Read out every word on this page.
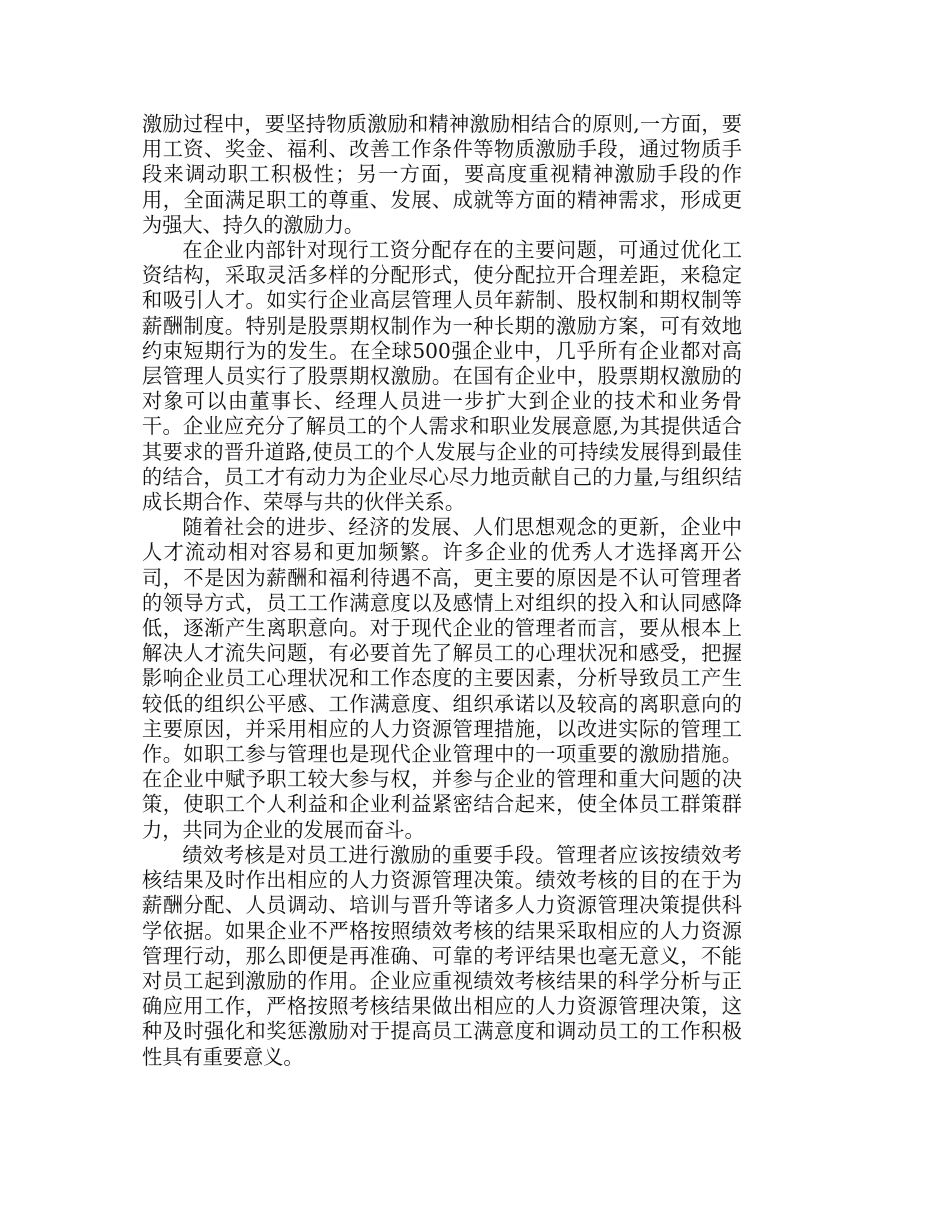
激励过程中，要坚持物质激励和精神激励相结合的原则,一方面，要用工资、奖金、福利、改善工作条件等物质激励手段，通过物质手段来调动职工积极性；另一方面，要高度重视精神激励手段的作用，全面满足职工的尊重、发展、成就等方面的精神需求，形成更为强大、持久的激励力。

在企业内部针对现行工资分配存在的主要问题，可通过优化工资结构，采取灵活多样的分配形式，使分配拉开合理差距，来稳定和吸引人才。如实行企业高层管理人员年薪制、股权制和期权制等薪酬制度。特别是股票期权制作为一种长期的激励方案，可有效地约束短期行为的发生。在全球500强企业中，几乎所有企业都对高层管理人员实行了股票期权激励。在国有企业中，股票期权激励的对象可以由董事长、经理人员进一步扩大到企业的技术和业务骨干。企业应充分了解员工的个人需求和职业发展意愿,为其提供适合其要求的晋升道路,使员工的个人发展与企业的可持续发展得到最佳的结合，员工才有动力为企业尽心尽力地贡献自己的力量,与组织结成长期合作、荣辱与共的伙伴关系。

随着社会的进步、经济的发展、人们思想观念的更新，企业中人才流动相对容易和更加频繁。许多企业的优秀人才选择离开公司，不是因为薪酬和福利待遇不高，更主要的原因是不认可管理者的领导方式，员工工作满意度以及感情上对组织的投入和认同感降低，逐渐产生离职意向。对于现代企业的管理者而言，要从根本上解决人才流失问题，有必要首先了解员工的心理状况和感受，把握影响企业员工心理状况和工作态度的主要因素，分析导致员工产生较低的组织公平感、工作满意度、组织承诺以及较高的离职意向的主要原因，并采用相应的人力资源管理措施，以改进实际的管理工作。如职工参与管理也是现代企业管理中的一项重要的激励措施。在企业中赋予职工较大参与权，并参与企业的管理和重大问题的决策，使职工个人利益和企业利益紧密结合起来，使全体员工群策群力，共同为企业的发展而奋斗。

绩效考核是对员工进行激励的重要手段。管理者应该按绩效考核结果及时作出相应的人力资源管理决策。绩效考核的目的在于为薪酬分配、人员调动、培训与晋升等诸多人力资源管理决策提供科学依据。如果企业不严格按照绩效考核的结果采取相应的人力资源管理行动，那么即便是再准确、可靠的考评结果也毫无意义，不能对员工起到激励的作用。企业应重视绩效考核结果的科学分析与正确应用工作，严格按照考核结果做出相应的人力资源管理决策，这种及时强化和奖惩激励对于提高员工满意度和调动员工的工作积极性具有重要意义。
